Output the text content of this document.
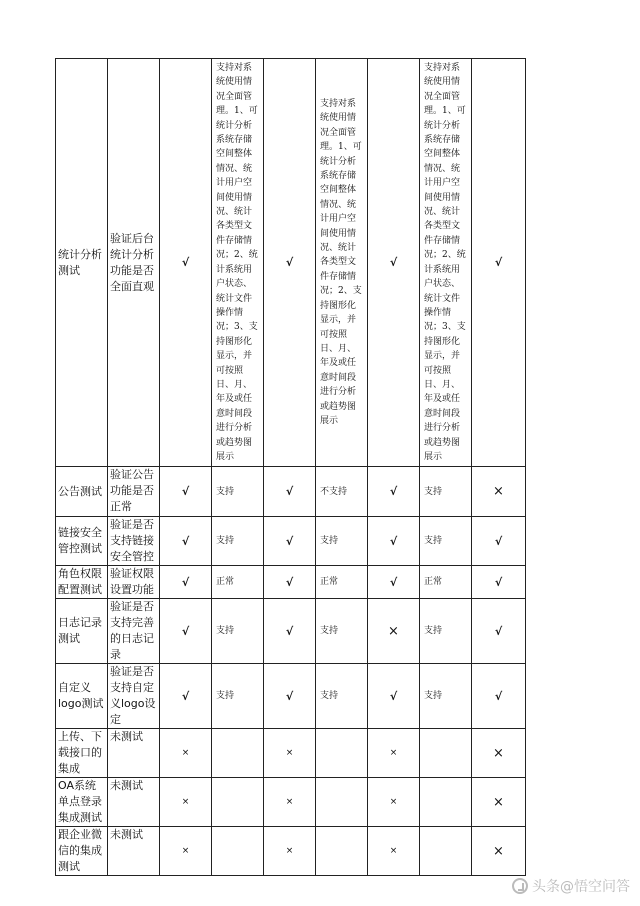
统计分析测试	验证后台统计分析功能是否全面直观	√	支持对系统使用情况全面管理。1、可统计分析系统存储空间整体情况、统计用户空间使用情况、统计各类型文件存储情况；2、统计系统用户状态、统计文件操作情况；3、支持图形化显示，并可按照日、月、年及或任意时间段进行分析或趋势图展示	√	支持对系统使用情况全面管理。1、可统计分析系统存储空间整体情况、统计用户空间使用情况、统计各类型文件存储情况；2、支持图形化显示，并可按照日、月、年及或任意时间段进行分析或趋势图展示	√	支持对系统使用情况全面管理。1、可统计分析系统存储空间整体情况、统计用户空间使用情况、统计各类型文件存储情况；2、统计系统用户状态、统计文件操作情况；3、支持图形化显示，并可按照日、月、年及或任意时间段进行分析或趋势图展示	√
公告测试	验证公告功能是否正常	√	支持	√	不支持	√	支持	×
链接安全管控测试	验证是否支持链接安全管控	√	支持	√	支持	√	支持	√
角色权限配置测试	验证权限设置功能	√	正常	√	正常	√	正常	√
日志记录测试	验证是否支持完善的日志记录	√	支持	√	支持	×	支持	√
自定义logo测试	验证是否支持自定义logo设定	√	支持	√	支持	√	支持	√
上传、下载接口的集成	未测试	×		×		×		×
OA系统单点登录集成测试	未测试	×		×		×		×
跟企业微信的集成测试	未测试	×		×		×		×
头条@悟空问答
